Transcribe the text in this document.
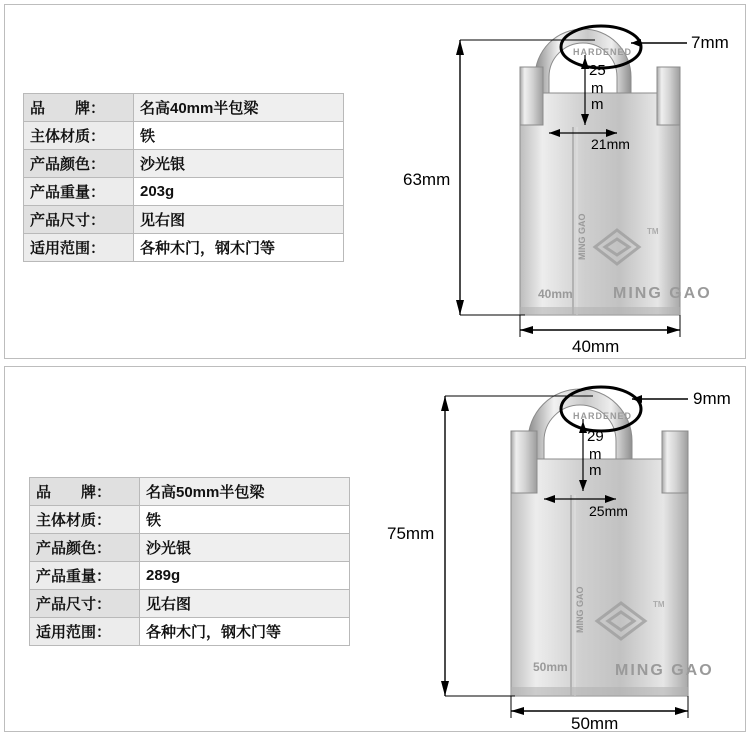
品　　牌：	名高40mm半包梁
主体材质：	铁
产品颜色：	沙光银
产品重量：	203g
产品尺寸：	见右图
适用范围：	各种木门，钢木门等
TM
MING GAO
40mm
MING GAO
HARDENED	7mm
63mm
25
m
m
21mm
40mm
品　　牌：	名高50mm半包梁
主体材质：	铁
产品颜色：	沙光银
产品重量：	289g
产品尺寸：	见右图
适用范围：	各种木门，钢木门等
TM
MING GAO
50mm
MING GAO
HARDENED
9mm
75mm
29
m
m
25mm
50mm
